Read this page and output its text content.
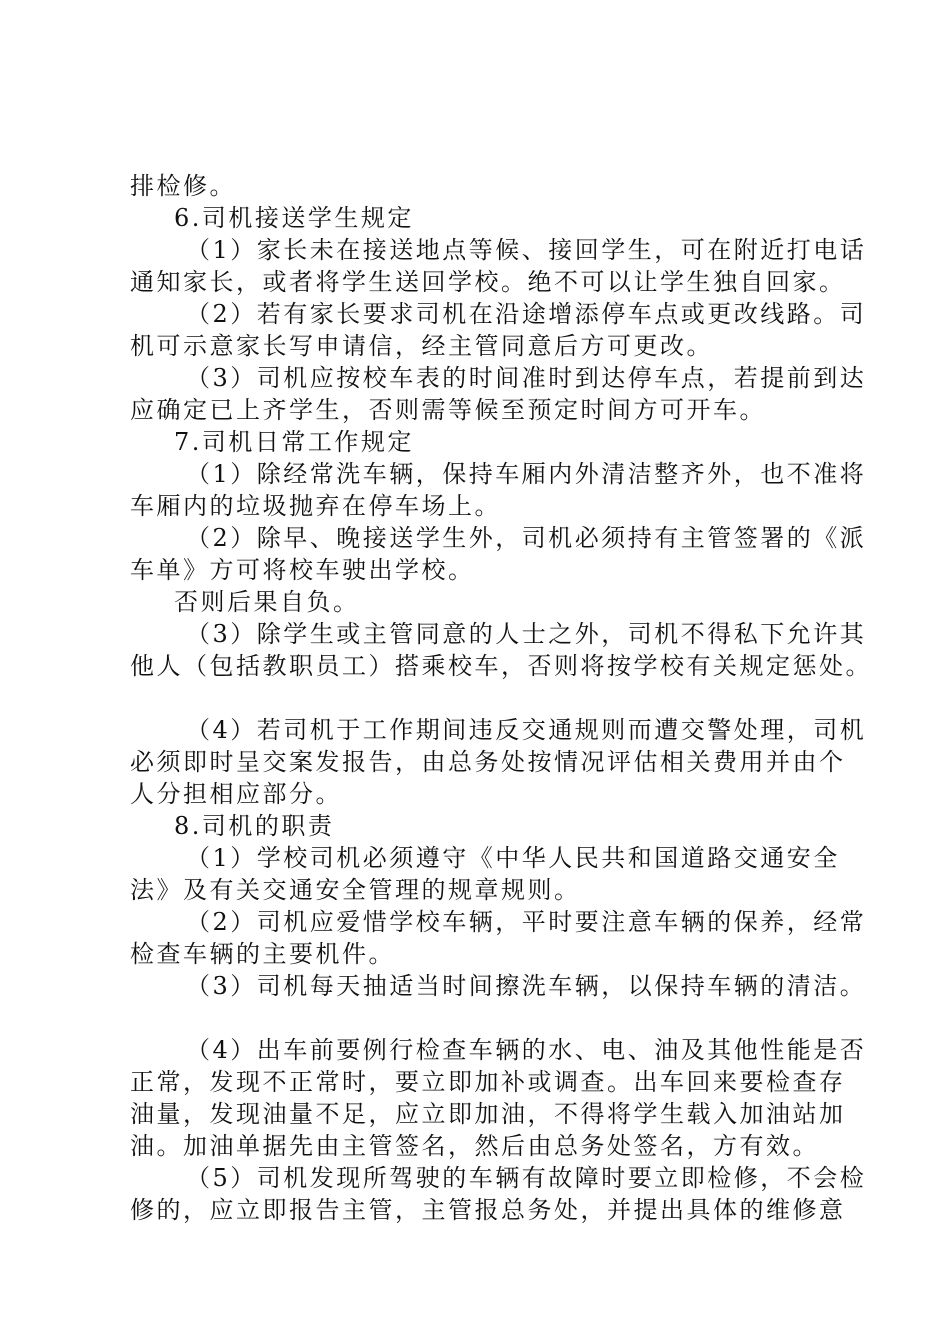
排检修。
6.司机接送学生规定
（1）家长未在接送地点等候、接回学生，可在附近打电话
通知家长，或者将学生送回学校。绝不可以让学生独自回家。
（2）若有家长要求司机在沿途增添停车点或更改线路。司
机可示意家长写申请信，经主管同意后方可更改。
（3）司机应按校车表的时间准时到达停车点，若提前到达
应确定已上齐学生，否则需等候至预定时间方可开车。
7.司机日常工作规定
（1）除经常洗车辆，保持车厢内外清洁整齐外，也不准将
车厢内的垃圾抛弃在停车场上。
（2）除早、晚接送学生外，司机必须持有主管签署的《派
车单》方可将校车驶出学校。
否则后果自负。
（3）除学生或主管同意的人士之外，司机不得私下允许其
他人（包括教职员工）搭乘校车，否则将按学校有关规定惩处。
（4）若司机于工作期间违反交通规则而遭交警处理，司机
必须即时呈交案发报告，由总务处按情况评估相关费用并由个
人分担相应部分。
8.司机的职责
（1）学校司机必须遵守《中华人民共和国道路交通安全
法》及有关交通安全管理的规章规则。
（2）司机应爱惜学校车辆，平时要注意车辆的保养，经常
检查车辆的主要机件。
（3）司机每天抽适当时间擦洗车辆，以保持车辆的清洁。
（4）出车前要例行检查车辆的水、电、油及其他性能是否
正常，发现不正常时，要立即加补或调查。出车回来要检查存
油量，发现油量不足，应立即加油，不得将学生载入加油站加
油。加油单据先由主管签名，然后由总务处签名，方有效。
（5）司机发现所驾驶的车辆有故障时要立即检修，不会检
修的，应立即报告主管，主管报总务处，并提出具体的维修意
